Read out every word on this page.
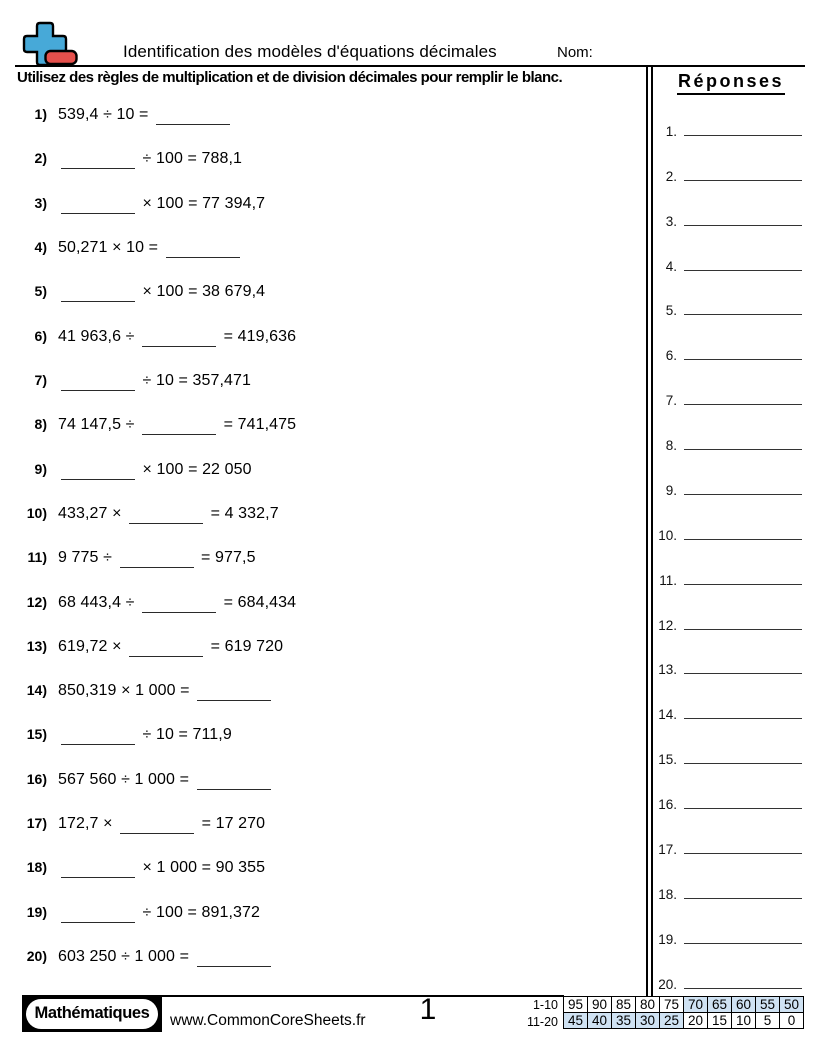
Identification des modèles d'équations décimales	Nom:
Utilisez des règles de multiplication et de division décimales pour remplir le blanc.
1) 539,4 ÷ 10 =
2)	÷ 100 = 788,1
3)	× 100 = 77 394,7
4) 50,271 × 10 =
5)	× 100 = 38 679,4
6) 41 963,6 ÷	= 419,636
7)	÷ 10 = 357,471
8) 74 147,5 ÷	= 741,475
9)	× 100 = 22 050
10) 433,27 ×	= 4 332,7
11) 9 775 ÷	= 977,5
12) 68 443,4 ÷	= 684,434
13) 619,72 ×	= 619 720
14) 850,319 × 1 000 =
15)	÷ 10 = 711,9
16) 567 560 ÷ 1 000 =
17) 172,7 ×	= 17 270
18)	× 1 000 = 90 355
19)	÷ 100 = 891,372
20) 603 250 ÷ 1 000 =
Réponses
1.
2.
3.
4.
5.
6.
7.
8.
9.
10.
11.
12.
13.
14.
15.
16.
17.
18.
19.
20.
Mathématiques www.CommonCoreSheets.fr	1	1-10
11-20
95 90 85 80 75 70 65 60 55 50
45 40 35 30 25 20 15 10 5	0
